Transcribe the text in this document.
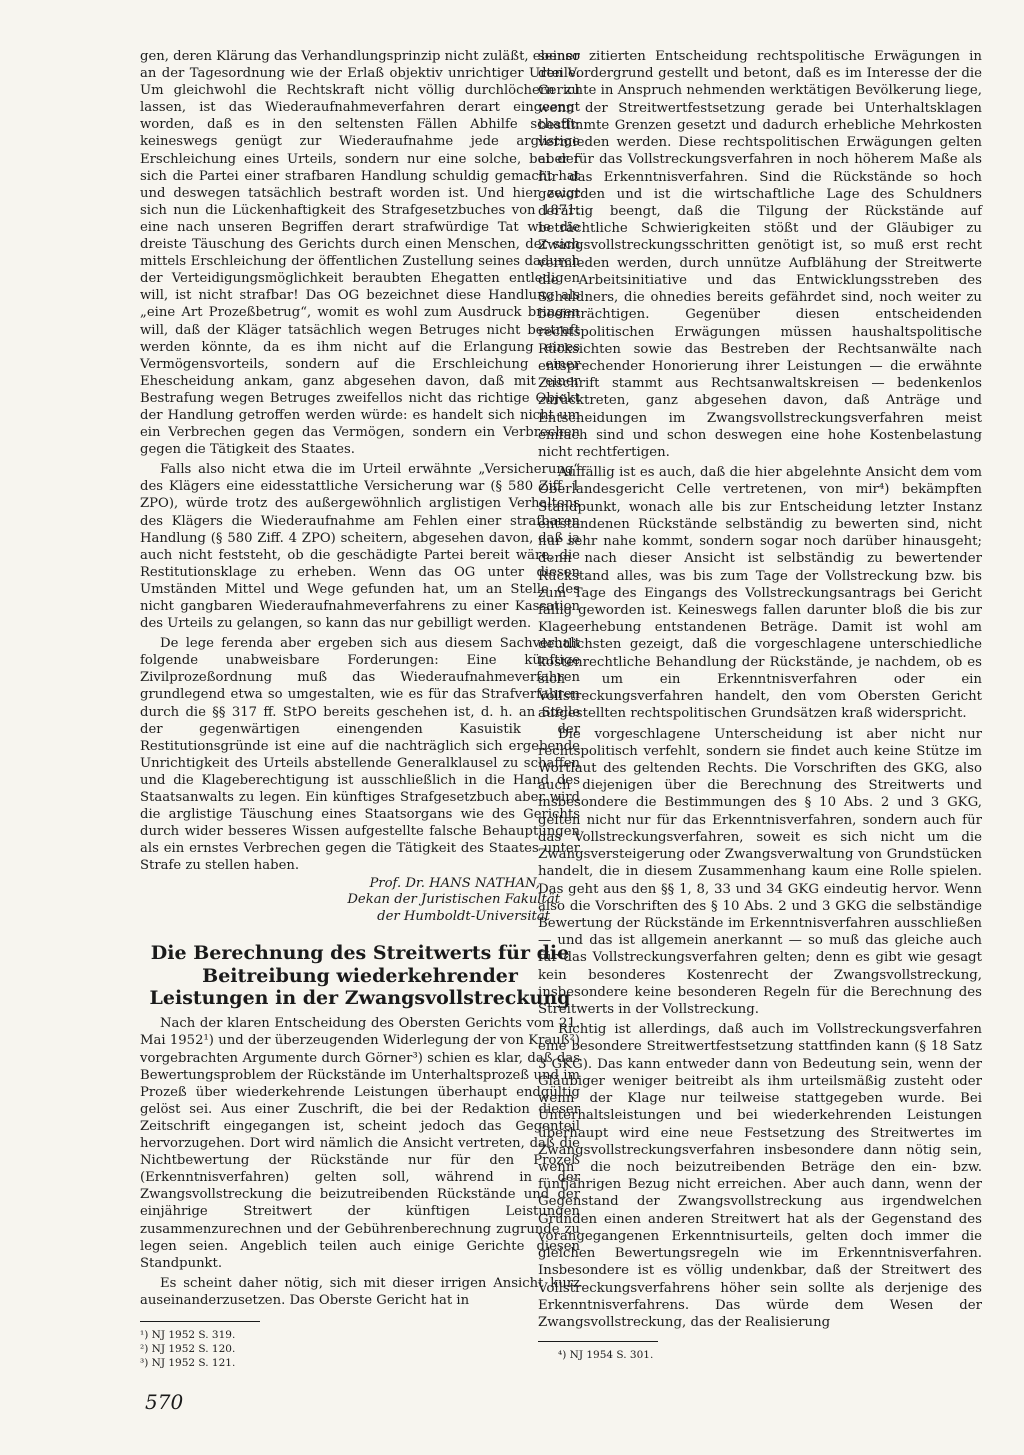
gen, deren Klärung das Verhandlungsprinzip nicht zuläßt, ebenso an der Tagesordnung wie der Erlaß objektiv unrichtiger Urteile. Um gleichwohl die Rechtskraft nicht völlig durchlöchern zu lassen, ist das Wiederaufnahmeverfahren derart eingeengt worden, daß es in den seltensten Fällen Abhilfe schafft: keineswegs genügt zur Wiederaufnahme jede arglistige Erschleichung eines Urteils, sondern nur eine solche, bei der sich die Partei einer strafbaren Handlung schuldig gemacht hat und deswegen tatsächlich bestraft worden ist. Und hier zeigt sich nun die Lückenhaftigkeit des Strafgesetzbuches von 1871: eine nach unseren Begriffen derart strafwürdige Tat wie die dreiste Täuschung des Gerichts durch einen Menschen, der sich mittels Erschleichung der öffentlichen Zustellung seines dadurch der Verteidigungsmöglichkeit beraubten Ehegatten entledigen will, ist nicht strafbar! Das OG bezeichnet diese Handlung als „eine Art Prozeßbetrug“, womit es wohl zum Ausdruck bringen will, daß der Kläger tatsächlich wegen Betruges nicht bestraft werden könnte, da es ihm nicht auf die Erlangung eines Vermögensvorteils, sondern auf die Erschleichung einer Ehescheidung ankam, ganz abgesehen davon, daß mit einer Bestrafung wegen Betruges zweifellos nicht das richtige Objekt der Handlung getroffen werden würde: es handelt sich nicht um ein Verbrechen gegen das Vermögen, sondern ein Verbrechen gegen die Tätigkeit des Staates.

Falls also nicht etwa die im Urteil erwähnte „Versicherung“ des Klägers eine eidesstattliche Versicherung war (§ 580 Ziff. 1 ZPO), würde trotz des außergewöhnlich arglistigen Verhaltens des Klägers die Wiederaufnahme am Fehlen einer strafbaren Handlung (§ 580 Ziff. 4 ZPO) scheitern, abgesehen davon, daß ja auch nicht feststeht, ob die geschädigte Partei bereit wäre, die Restitutionsklage zu erheben. Wenn das OG unter diesen Umständen Mittel und Wege gefunden hat, um an Stelle des nicht gangbaren Wiederaufnahmeverfahrens zu einer Kassation des Urteils zu gelangen, so kann das nur gebilligt werden.

De lege ferenda aber ergeben sich aus diesem Sachverhalt folgende unabweisbare Forderungen: Eine künftige Zivilprozeßordnung muß das Wiederaufnahmeverfahren grundlegend etwa so umgestalten, wie es für das Strafverfahren durch die §§ 317 ff. StPO bereits geschehen ist, d. h. an Stelle der gegenwärtigen einengenden Kasuistik der Restitutionsgründe ist eine auf die nachträglich sich ergebende Unrichtigkeit des Urteils abstellende Generalklausel zu schaffen und die Klageberechtigung ist ausschließlich in die Hand des Staatsanwalts zu legen. Ein künftiges Strafgesetzbuch aber wird die arglistige Täuschung eines Staatsorgans wie des Gerichts durch wider besseres Wissen aufgestellte falsche Behauptungen als ein ernstes Verbrechen gegen die Tätigkeit des Staates unter Strafe zu stellen haben.

Prof. Dr. HANS NATHAN,
Dekan der Juristischen Fakultät
der Humboldt-Universität
Die Berechnung des Streitwerts für die Beitreibung wiederkehrender Leistungen in der Zwangsvollstreckung

Nach der klaren Entscheidung des Obersten Gerichts vom 21. Mai 1952¹) und der überzeugenden Widerlegung der von Krauß²) vorgebrachten Argumente durch Görner³) schien es klar, daß das Bewertungsproblem der Rückstände im Unterhaltsprozeß und im Prozeß über wiederkehrende Leistungen überhaupt endgültig gelöst sei. Aus einer Zuschrift, die bei der Redaktion dieser Zeitschrift eingegangen ist, scheint jedoch das Gegenteil hervorzugehen. Dort wird nämlich die Ansicht vertreten, daß die Nichtbewertung der Rückstände nur für den Prozeß (Erkenntnisverfahren) gelten soll, während in der Zwangsvollstreckung die beizutreibenden Rückstände und der einjährige Streitwert der künftigen Leistungen zusammenzurechnen und der Gebührenberechnung zugrunde zu legen seien. Angeblich teilen auch einige Gerichte diesen Standpunkt.

Es scheint daher nötig, sich mit dieser irrigen Ansicht kurz auseinanderzusetzen. Das Oberste Gericht hat in

¹) NJ 1952 S. 319.
²) NJ 1952 S. 120.
³) NJ 1952 S. 121.

seiner zitierten Entscheidung rechtspolitische Erwägungen in den Vordergrund gestellt und betont, daß es im Interesse der die Gerichte in Anspruch nehmenden werktätigen Bevölkerung liege, wenn der Streitwertfestsetzung gerade bei Unterhaltsklagen bestimmte Grenzen gesetzt und dadurch erhebliche Mehrkosten vermieden werden. Diese rechtspolitischen Erwägungen gelten aber für das Vollstreckungsverfahren in noch höherem Maße als für das Erkenntnisverfahren. Sind die Rückstände so hoch geworden und ist die wirtschaftliche Lage des Schuldners derartig beengt, daß die Tilgung der Rückstände auf beträchtliche Schwierigkeiten stößt und der Gläubiger zu Zwangsvollstreckungsschritten genötigt ist, so muß erst recht vermieden werden, durch unnütze Aufblähung der Streitwerte die Arbeitsinitiative und das Entwicklungsstreben des Schuldners, die ohnedies bereits gefährdet sind, noch weiter zu beeinträchtigen. Gegenüber diesen entscheidenden rechtspolitischen Erwägungen müssen haushaltspolitische Rücksichten sowie das Bestreben der Rechtsanwälte nach entsprechender Honorierung ihrer Leistungen — die erwähnte Zuschrift stammt aus Rechtsanwaltskreisen — bedenkenlos zurücktreten, ganz abgesehen davon, daß Anträge und Entscheidungen im Zwangsvollstreckungsverfahren meist einfach sind und schon deswegen eine hohe Kostenbelastung nicht rechtfertigen.

Auffällig ist es auch, daß die hier abgelehnte Ansicht dem vom Oberlandesgericht Celle vertretenen, von mir⁴) bekämpften Standpunkt, wonach alle bis zur Entscheidung letzter Instanz entstandenen Rückstände selbständig zu bewerten sind, nicht nur sehr nahe kommt, sondern sogar noch darüber hinausgeht; denn nach dieser Ansicht ist selbständig zu bewertender Rückstand alles, was bis zum Tage der Vollstreckung bzw. bis zum Tage des Eingangs des Vollstreckungsantrags bei Gericht fällig geworden ist. Keineswegs fallen darunter bloß die bis zur Klageerhebung entstandenen Beträge. Damit ist wohl am deutlichsten gezeigt, daß die vorgeschlagene unterschiedliche kostenrechtliche Behandlung der Rückstände, je nachdem, ob es sich um ein Erkenntnisverfahren oder ein Vollstreckungsverfahren handelt, den vom Obersten Gericht aufgestellten rechtspolitischen Grundsätzen kraß widerspricht.

Die vorgeschlagene Unterscheidung ist aber nicht nur rechtspolitisch verfehlt, sondern sie findet auch keine Stütze im Wortlaut des geltenden Rechts. Die Vorschriften des GKG, also auch diejenigen über die Berechnung des Streitwerts und insbesondere die Bestimmungen des § 10 Abs. 2 und 3 GKG, gelten nicht nur für das Erkenntnisverfahren, sondern auch für das Vollstreckungsverfahren, soweit es sich nicht um die Zwangsversteigerung oder Zwangsverwaltung von Grundstücken handelt, die in diesem Zusammenhang kaum eine Rolle spielen. Das geht aus den §§ 1, 8, 33 und 34 GKG eindeutig hervor. Wenn also die Vorschriften des § 10 Abs. 2 und 3 GKG die selbständige Bewertung der Rückstände im Erkenntnisverfahren ausschließen — und das ist allgemein anerkannt — so muß das gleiche auch für das Vollstreckungsverfahren gelten; denn es gibt wie gesagt kein besonderes Kostenrecht der Zwangsvollstreckung, insbesondere keine besonderen Regeln für die Berechnung des Streitwerts in der Vollstreckung.

Richtig ist allerdings, daß auch im Vollstreckungsverfahren eine besondere Streitwertfestsetzung stattfinden kann (§ 18 Satz 3 GKG). Das kann entweder dann von Bedeutung sein, wenn der Gläubiger weniger beitreibt als ihm urteilsmäßig zusteht oder wenn der Klage nur teilweise stattgegeben wurde. Bei Unterhaltsleistungen und bei wiederkehrenden Leistungen überhaupt wird eine neue Festsetzung des Streitwertes im Zwangsvollstreckungsverfahren insbesondere dann nötig sein, wenn die noch beizutreibenden Beträge den ein- bzw. fünfjährigen Bezug nicht erreichen. Aber auch dann, wenn der Gegenstand der Zwangsvollstreckung aus irgendwelchen Gründen einen anderen Streitwert hat als der Gegenstand des vorangegangenen Erkenntnisurteils, gelten doch immer die gleichen Bewertungsregeln wie im Erkenntnisverfahren. Insbesondere ist es völlig undenkbar, daß der Streitwert des Vollstreckungsverfahrens höher sein sollte als derjenige des Erkenntnisverfahrens. Das würde dem Wesen der Zwangsvollstreckung, das der Realisierung

⁴) NJ 1954 S. 301.
570
